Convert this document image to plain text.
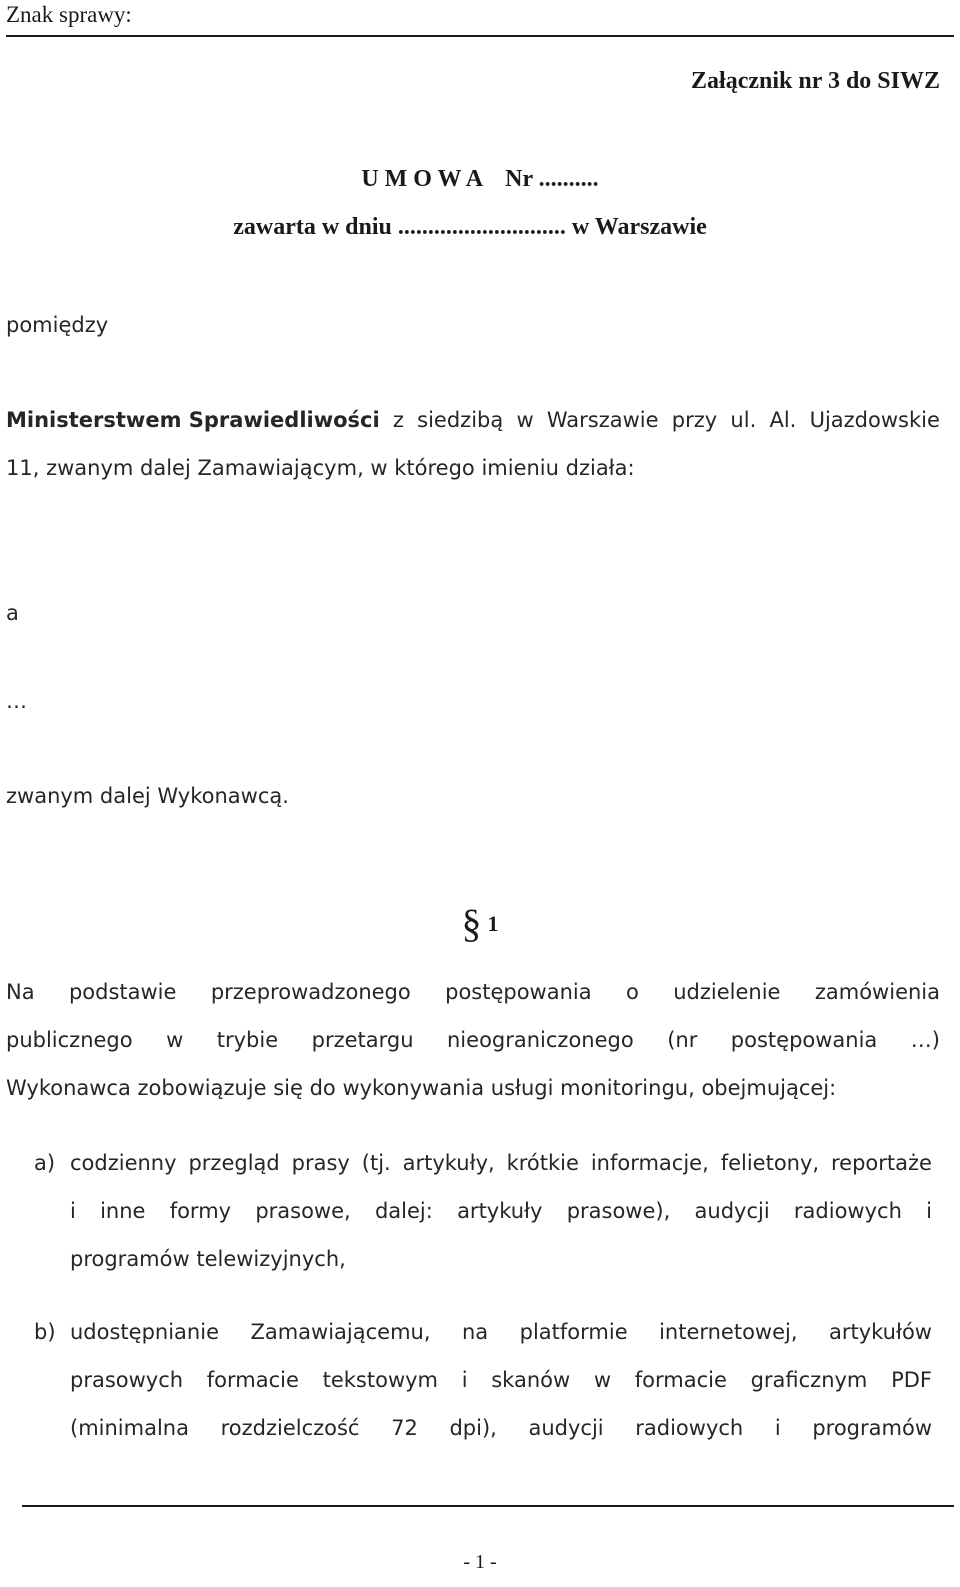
Znak sprawy:
Załącznik nr 3 do SIWZ
U M O W A Nr ..........
zawarta w dniu ............................ w Warszawie
pomiędzy
Ministerstwem Sprawiedliwości z siedzibą w Warszawie przy ul. Al. Ujazdowskie
11, zwanym dalej Zamawiającym, w którego imieniu działa:
a
…
zwanym dalej Wykonawcą.
§ 1
Na podstawie przeprowadzonego postępowania o udzielenie zamówienia
publicznego w trybie przetargu nieograniczonego (nr postępowania …)
Wykonawca zobowiązuje się do wykonywania usługi monitoringu, obejmującej:
a) codzienny przegląd prasy (tj. artykuły, krótkie informacje, felietony, reportaże
i inne formy prasowe, dalej: artykuły prasowe), audycji radiowych i
programów telewizyjnych,
b) udostępnianie Zamawiającemu, na platformie internetowej, artykułów
prasowych formacie tekstowym i skanów w formacie graficznym PDF
(minimalna rozdzielczość 72 dpi), audycji radiowych i programów
- 1 -
